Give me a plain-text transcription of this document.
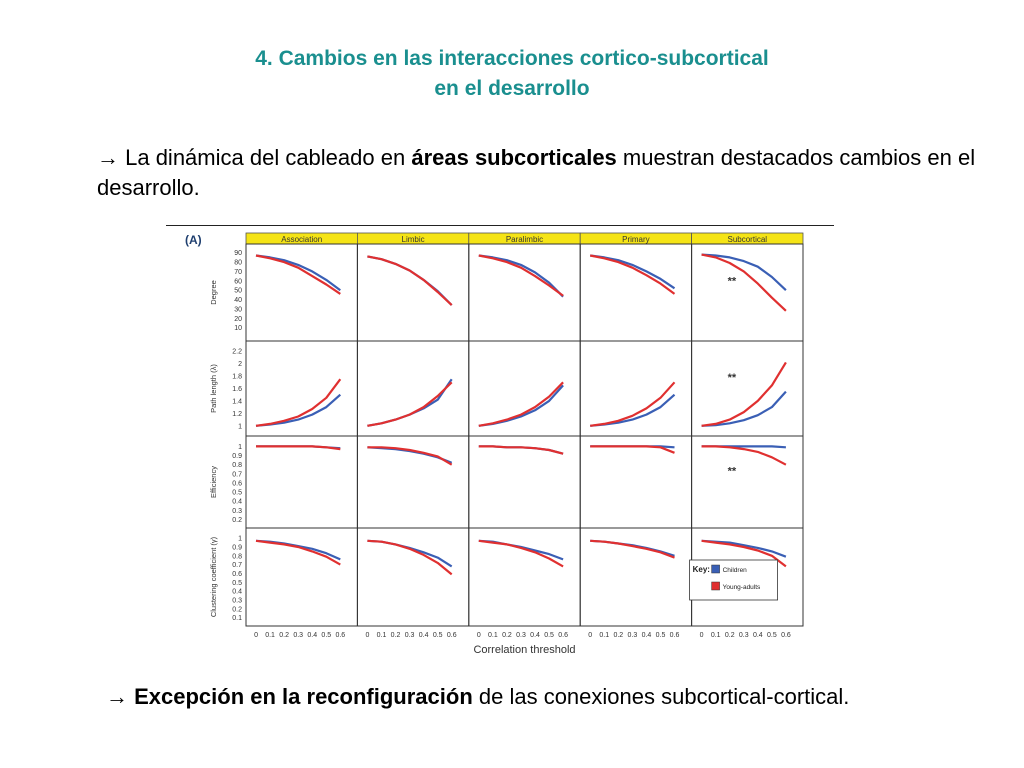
4. Cambios en las interacciones cortico-subcortical
en el desarrollo
→ La dinámica del cableado en áreas subcorticales muestran destacados cambios en el desarrollo.
(A)	Association	Limbic	Paralimbic	Primary	Subcortical
10
20
30
40
50
60
70
80
90
Degree	**
1
1.2
1.4
1.6
1.8
2
2.2
Path length (λ)	**
0.2
0.3
0.4
0.5
0.6
0.7
0.8
0.9
1
Efficiency	**
0.1
0.2
0.3
0.4
0.5
0.6
0.7
0.8
0.9
1
Clustering coefficient (γ)
0 0.1 0.2 0.3 0.4 0.5 0.6	0 0.1 0.2 0.3 0.4 0.5 0.6	0 0.1 0.2 0.3 0.4 0.5 0.6	0 0.1 0.2 0.3 0.4 0.5 0.6	0 0.1 0.2 0.3 0.4 0.5 0.6
Correlation threshold
Key: Children
Young-adults
→ Excepción en la reconfiguración de las conexiones subcortical-cortical.
